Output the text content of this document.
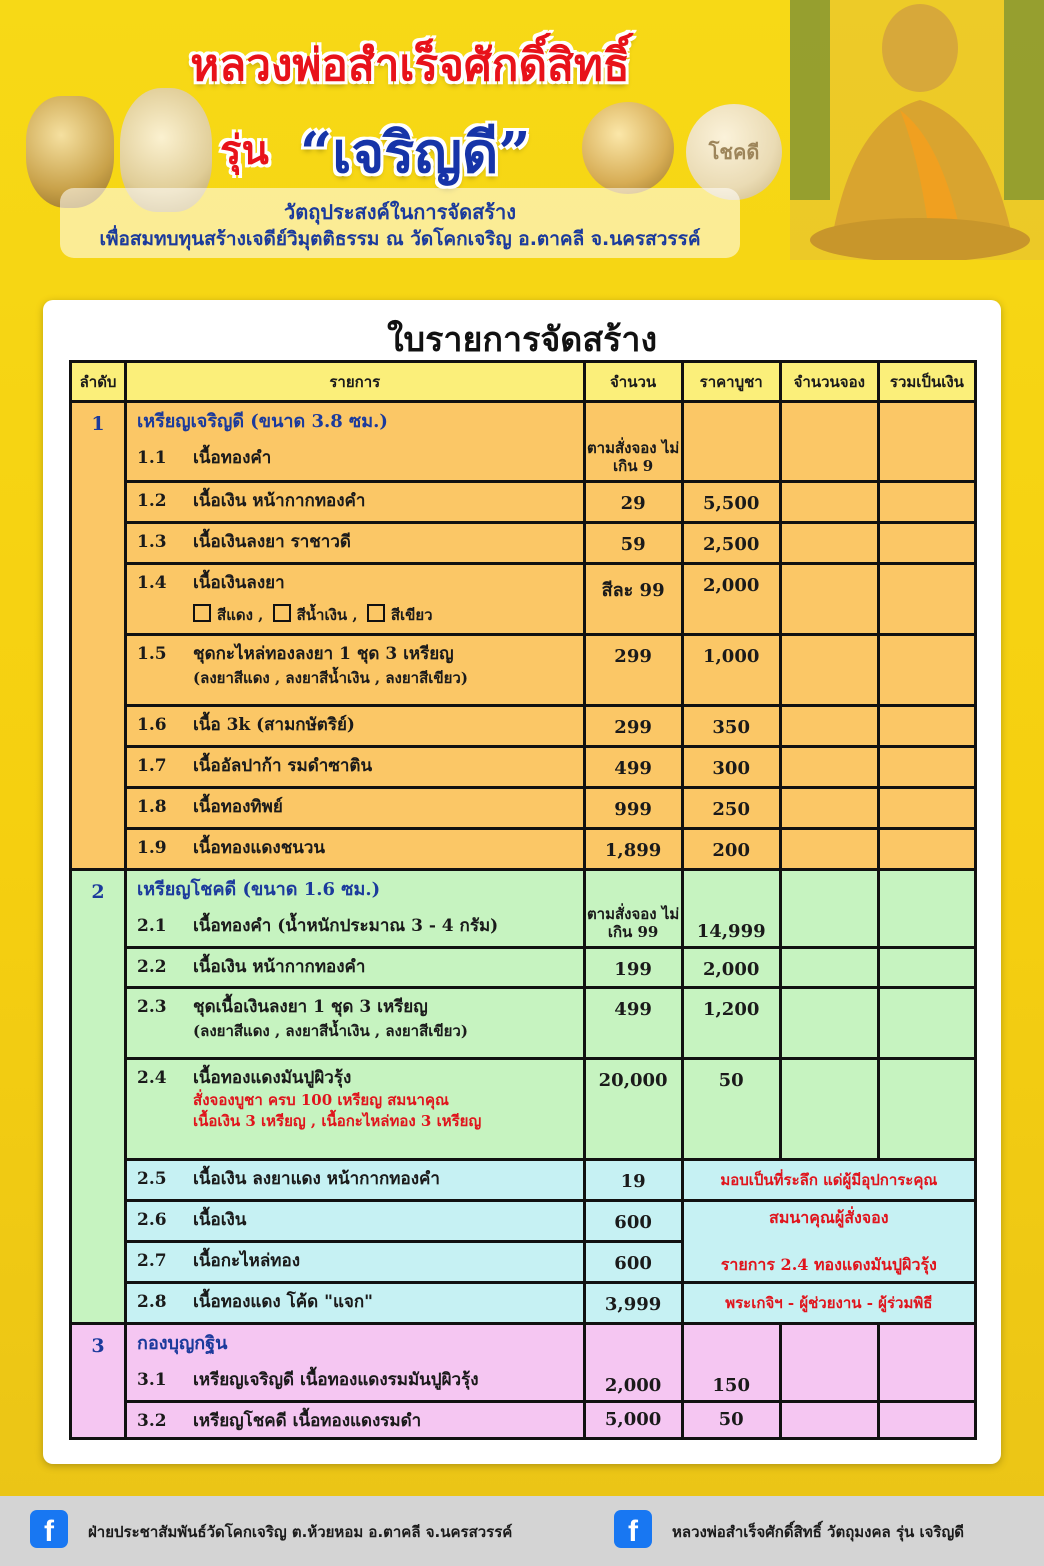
โชคดี
หลวงพ่อสำเร็จศักดิ์สิทธิ์
รุ่น “เจริญดี”
วัตถุประสงค์ในการจัดสร้าง
เพื่อสมทบทุนสร้างเจดีย์วิมุตติธรรม ณ วัดโคกเจริญ อ.ตาคลี จ.นครสวรรค์
ใบรายการจัดสร้าง
ลำดับ	รายการ	จำนวน	ราคาบูชา	จำนวนจอง	รวมเป็นเงิน
1	เหรียญเจริญดี (ขนาด 3.8 ซม.)
1.1 เนื้อทองคำ	ตามสั่งจอง ไม่เกิน 9			
	1.2 เนื้อเงิน หน้ากากทองคำ	29	5,500		
	1.3 เนื้อเงินลงยา ราชาวดี	59	2,500		
	1.4 เนื้อเงินลงยา
สีแดง , สีน้ำเงิน , สีเขียว	สีละ 99	2,000		
	1.5 ชุดกะไหล่ทองลงยา 1 ชุด 3 เหรียญ
(ลงยาสีแดง , ลงยาสีน้ำเงิน , ลงยาสีเขียว)	299	1,000		
	1.6 เนื้อ 3k (สามกษัตริย์)	299	350		
	1.7 เนื้ออัลปาก้า รมดำซาติน	499	300		
	1.8 เนื้อทองทิพย์	999	250		
	1.9 เนื้อทองแดงชนวน	1,899	200		
2	เหรียญโชคดี (ขนาด 1.6 ซม.)
2.1 เนื้อทองคำ (น้ำหนักประมาณ 3 - 4 กรัม)	ตามสั่งจอง ไม่เกิน 99	14,999		
	2.2 เนื้อเงิน หน้ากากทองคำ	199	2,000		
	2.3 ชุดเนื้อเงินลงยา 1 ชุด 3 เหรียญ
(ลงยาสีแดง , ลงยาสีน้ำเงิน , ลงยาสีเขียว)	499	1,200		
	2.4 เนื้อทองแดงมันปูผิวรุ้ง
สั่งจองบูชา ครบ 100 เหรียญ สมนาคุณ
เนื้อเงิน 3 เหรียญ , เนื้อกะไหล่ทอง 3 เหรียญ	20,000	50		
	2.5 เนื้อเงิน ลงยาแดง หน้ากากทองคำ	19	มอบเป็นที่ระลึก แด่ผู้มีอุปการะคุณ		
	2.6 เนื้อเงิน	600	สมนาคุณผู้สั่งจอง
รายการ 2.4 ทองแดงมันปูผิวรุ้ง		

	2.7 เนื้อกะไหล่ทอง	600			
	2.8 เนื้อทองแดง โค้ด "แจก"	3,999	พระเกจิฯ - ผู้ช่วยงาน - ผู้ร่วมพิธี		
3	กองบุญกฐิน
3.1 เหรียญเจริญดี เนื้อทองแดงรมมันปูผิวรุ้ง	2,000	150		
	3.2 เหรียญโชคดี เนื้อทองแดงรมดำ	5,000	50		
f	ฝ่ายประชาสัมพันธ์วัดโคกเจริญ ต.ห้วยหอม อ.ตาคลี จ.นครสวรรค์	f	หลวงพ่อสำเร็จศักดิ์สิทธิ์ วัตถุมงคล รุ่น เจริญดี
